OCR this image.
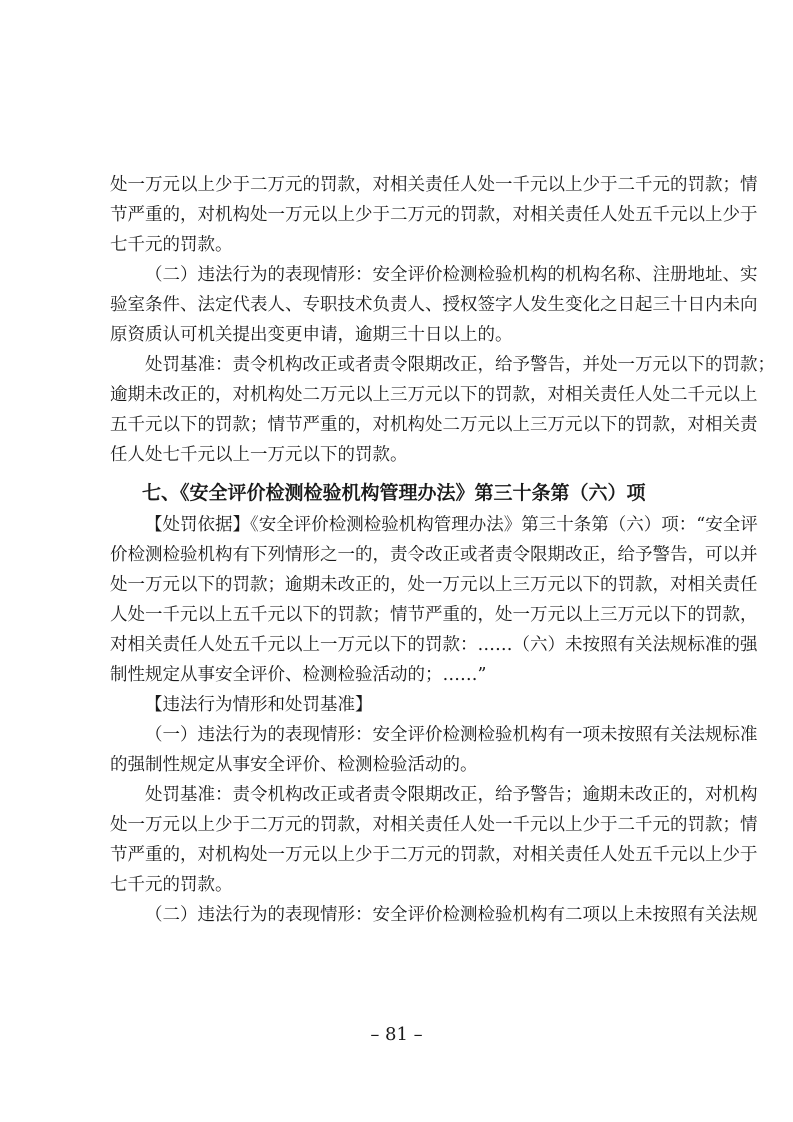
处一万元以上少于二万元的罚款，对相关责任人处一千元以上少于二千元的罚款；情
节严重的，对机构处一万元以上少于二万元的罚款，对相关责任人处五千元以上少于
七千元的罚款。

（二）违法行为的表现情形：安全评价检测检验机构的机构名称、注册地址、实
验室条件、法定代表人、专职技术负责人、授权签字人发生变化之日起三十日内未向
原资质认可机关提出变更申请，逾期三十日以上的。

处罚基准：责令机构改正或者责令限期改正，给予警告，并处一万元以下的罚款；
逾期未改正的，对机构处二万元以上三万元以下的罚款，对相关责任人处二千元以上
五千元以下的罚款；情节严重的，对机构处二万元以上三万元以下的罚款，对相关责
任人处七千元以上一万元以下的罚款。

七、《安全评价检测检验机构管理办法》第三十条第（六）项

【处罚依据】《安全评价检测检验机构管理办法》第三十条第（六）项：“安全评
价检测检验机构有下列情形之一的，责令改正或者责令限期改正，给予警告，可以并
处一万元以下的罚款；逾期未改正的，处一万元以上三万元以下的罚款，对相关责任
人处一千元以上五千元以下的罚款；情节严重的，处一万元以上三万元以下的罚款，
对相关责任人处五千元以上一万元以下的罚款：……（六）未按照有关法规标准的强
制性规定从事安全评价、检测检验活动的；……”

【违法行为情形和处罚基准】

（一）违法行为的表现情形：安全评价检测检验机构有一项未按照有关法规标准
的强制性规定从事安全评价、检测检验活动的。

处罚基准：责令机构改正或者责令限期改正，给予警告；逾期未改正的，对机构
处一万元以上少于二万元的罚款，对相关责任人处一千元以上少于二千元的罚款；情
节严重的，对机构处一万元以上少于二万元的罚款，对相关责任人处五千元以上少于
七千元的罚款。

（二）违法行为的表现情形：安全评价检测检验机构有二项以上未按照有关法规

– 81 –
